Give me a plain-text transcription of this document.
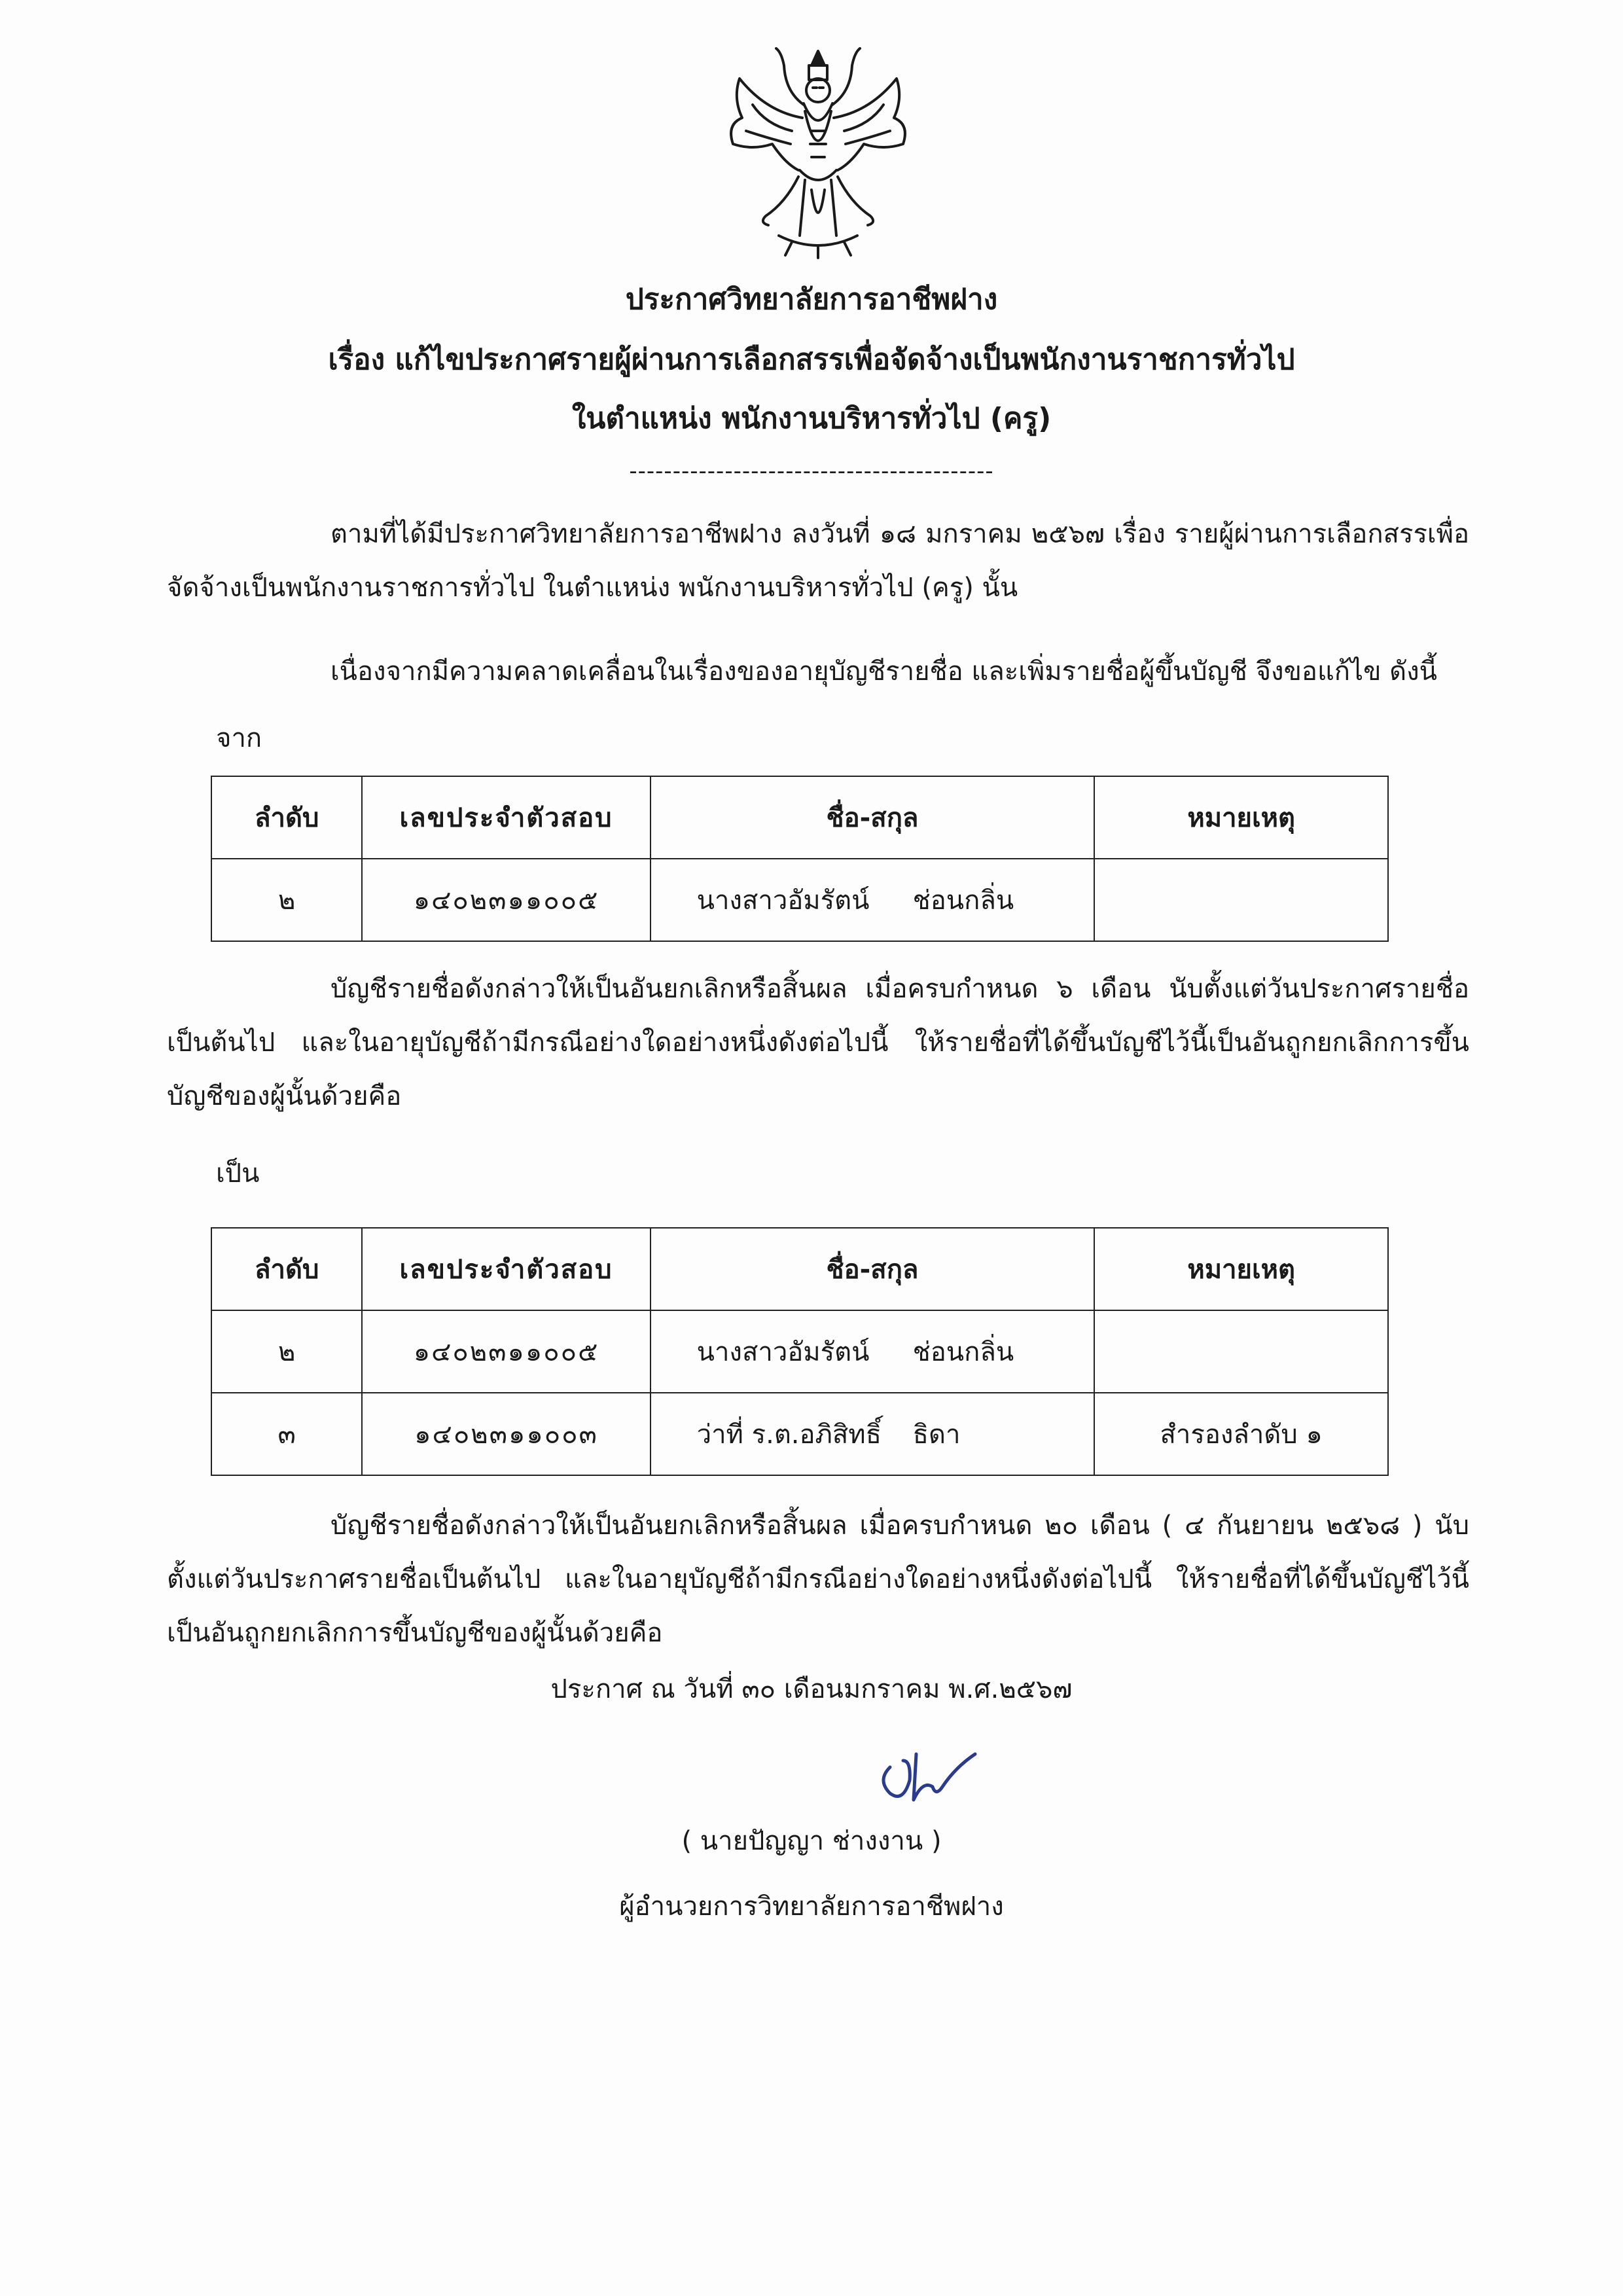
ประกาศวิทยาลัยการอาชีพฝาง
เรื่อง แก้ไขประกาศรายผู้ผ่านการเลือกสรรเพื่อจัดจ้างเป็นพนักงานราชการทั่วไป
ในตำแหน่ง พนักงานบริหารทั่วไป (ครู)
------------------------------------------
ตามที่ได้มีประกาศวิทยาลัยการอาชีพฝาง ลงวันที่ ๑๘ มกราคม ๒๕๖๗ เรื่อง รายผู้ผ่านการเลือกสรรเพื่อจัดจ้างเป็นพนักงานราชการทั่วไป ในตำแหน่ง พนักงานบริหารทั่วไป (ครู) นั้น
เนื่องจากมีความคลาดเคลื่อนในเรื่องของอายุบัญชีรายชื่อ และเพิ่มรายชื่อผู้ขึ้นบัญชี จึงขอแก้ไข ดังนี้
จาก
ลำดับ	เลขประจำตัวสอบ	ชื่อ-สกุล	หมายเหตุ
๒	๑๔๐๒๓๑๑๐๐๕	นางสาวอัมรัตน์ ช่อนกลิ่น	
บัญชีรายชื่อดังกล่าวให้เป็นอันยกเลิกหรือสิ้นผล เมื่อครบกำหนด ๖ เดือน นับตั้งแต่วันประกาศรายชื่อเป็นต้นไป และในอายุบัญชีถ้ามีกรณีอย่างใดอย่างหนึ่งดังต่อไปนี้ ให้รายชื่อที่ได้ขึ้นบัญชีไว้นี้เป็นอันถูกยกเลิกการขึ้นบัญชีของผู้นั้นด้วยคือ
เป็น
ลำดับ	เลขประจำตัวสอบ	ชื่อ-สกุล	หมายเหตุ
๒	๑๔๐๒๓๑๑๐๐๕	นางสาวอัมรัตน์ ช่อนกลิ่น	
๓	๑๔๐๒๓๑๑๐๐๓	ว่าที่ ร.ต.อภิสิทธิ์ ธิดา	สำรองลำดับ ๑
บัญชีรายชื่อดังกล่าวให้เป็นอันยกเลิกหรือสิ้นผล เมื่อครบกำหนด ๒๐ เดือน ( ๔ กันยายน ๒๕๖๘ ) นับตั้งแต่วันประกาศรายชื่อเป็นต้นไป และในอายุบัญชีถ้ามีกรณีอย่างใดอย่างหนึ่งดังต่อไปนี้ ให้รายชื่อที่ได้ขึ้นบัญชีไว้นี้เป็นอันถูกยกเลิกการขึ้นบัญชีของผู้นั้นด้วยคือ
ประกาศ ณ วันที่ ๓๐ เดือนมกราคม พ.ศ.๒๕๖๗
( นายปัญญา ช่างงาน )
ผู้อำนวยการวิทยาลัยการอาชีพฝาง
